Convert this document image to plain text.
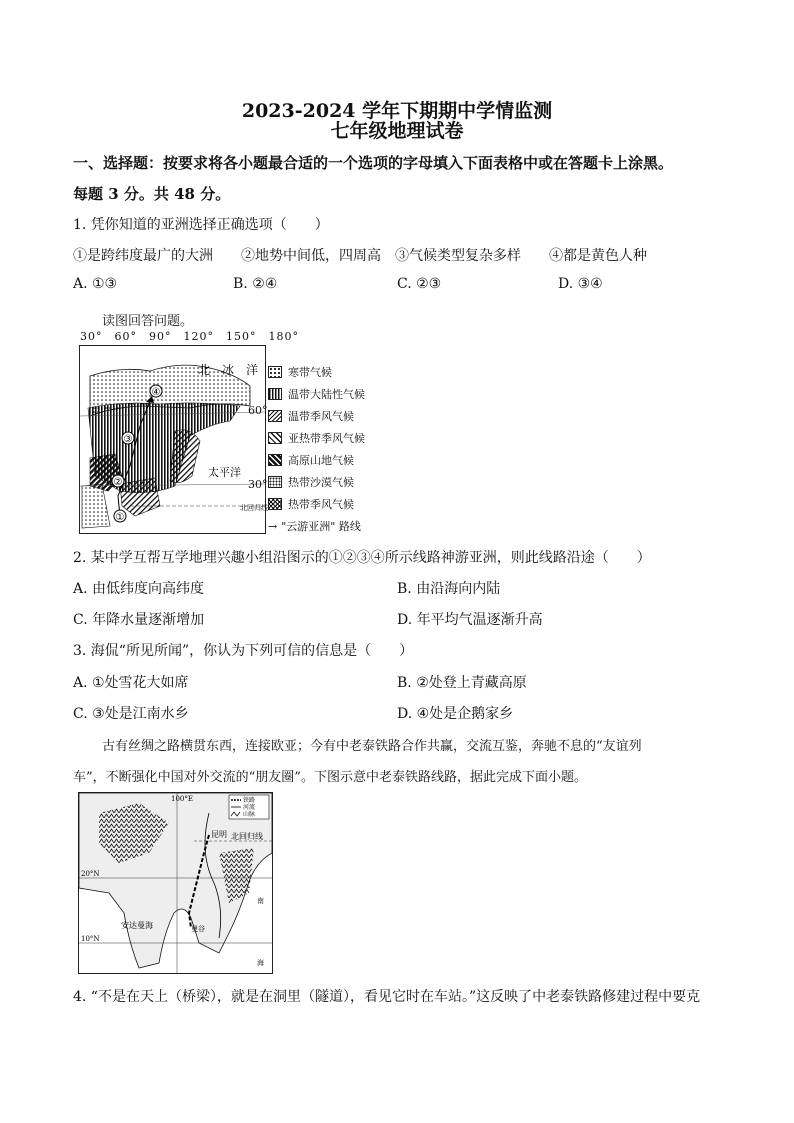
2023-2024 学年下期期中学情监测
七年级地理试卷
一、选择题：按要求将各小题最合适的一个选项的字母填入下面表格中或在答题卡上涂黑。
每题 3 分。共 48 分。
1. 凭你知道的亚洲选择正确选项（　　）
①是跨纬度最广的大洲　　②地势中间低，四周高　③气候类型复杂多样　　④都是黄色人种
A. ①③	B. ②④	C. ②③	D. ③④
读图回答问题。
30°　60°　90°　120°　150°　180°
①
②
③
④
北　冰　洋
太平洋
北回归线
60°
30°
寒带气候
温带大陆性气候
温带季风气候
亚热带季风气候
高原山地气候
热带沙漠气候
热带季风气候
→ "云游亚洲" 路线
2. 某中学互帮互学地理兴趣小组沿图示的①②③④所示线路神游亚洲，则此线路沿途（　　）
A. 由低纬度向高纬度	B. 由沿海向内陆
C. 年降水量逐渐增加	D. 年平均气温逐渐升高
3. 海侃“所见所闻”，你认为下列可信的信息是（　　）
A. ①处雪花大如席	B. ②处登上青藏高原
C. ③处是江南水乡	D. ④处是企鹅家乡
古有丝绸之路横贯东西，连接欧亚；今有中老泰铁路合作共赢，交流互鉴，奔驰不息的“友谊列
车”，不断强化中国对外交流的“朋友圈”。下图示意中老泰铁路线路，据此完成下面小题。
100°E
昆明 北回归线
20°N
10°N
曼谷
安达曼海
南
海
铁路
河流
山脉
4. “不是在天上（桥梁），就是在洞里（隧道），看见它时在车站。”这反映了中老泰铁路修建过程中要克
